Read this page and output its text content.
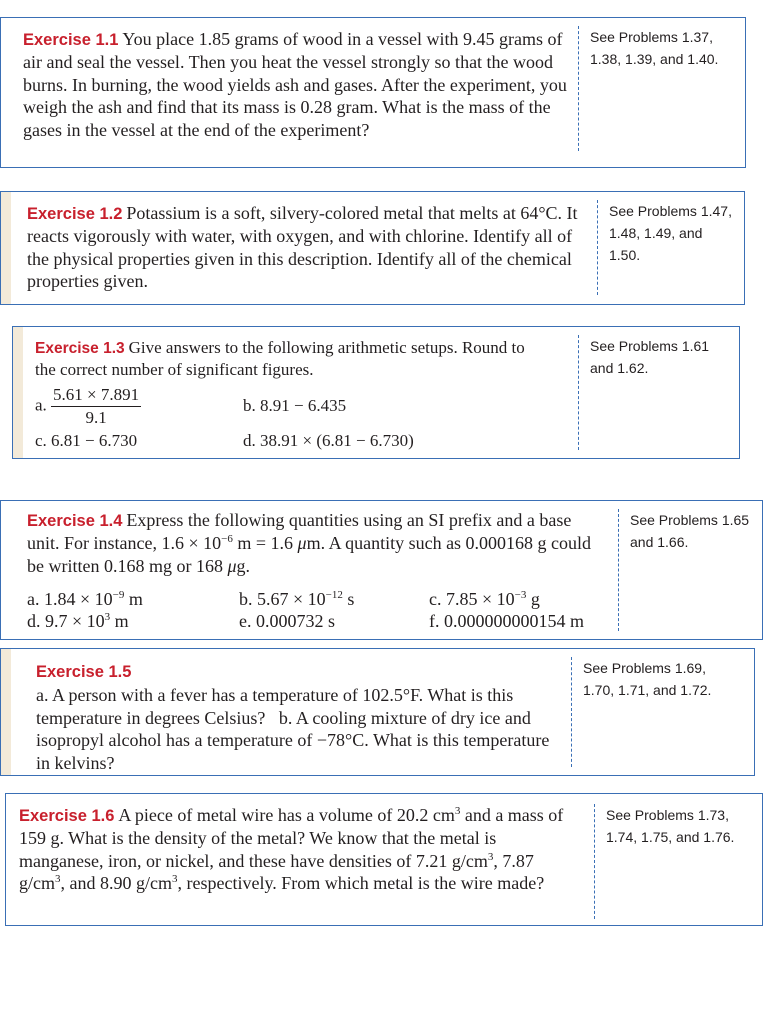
Exercise 1.1 You place 1.85 grams of wood in a vessel with 9.45 grams of air and seal the vessel. Then you heat the vessel strongly so that the wood burns. In burning, the wood yields ash and gases. After the experiment, you weigh the ash and find that its mass is 0.28 gram. What is the mass of the gases in the vessel at the end of the experiment?
See Problems 1.37, 1.38, 1.39, and 1.40.
Exercise 1.2 Potassium is a soft, silvery-colored metal that melts at 64°C. It reacts vigorously with water, with oxygen, and with chlorine. Identify all of the physical properties given in this description. Identify all of the chemical properties given.
See Problems 1.47, 1.48, 1.49, and 1.50.
Exercise 1.3 Give answers to the following arithmetic setups. Round to the correct number of significant figures.
a. $\frac{5.61 \times 7.891}{9.1}$	b. 8.91 − 6.435
c. 6.81 − 6.730	d. 38.91 × (6.81 − 6.730)
See Problems 1.61 and 1.62.
Exercise 1.4 Express the following quantities using an SI prefix and a base unit. For instance, $1.6 \times 10^{-6}$ m = 1.6 μm. A quantity such as 0.000168 g could be written 0.168 mg or 168 μg.
a. $1.84 \times 10^{-9}$ m	b. $5.67 \times 10^{-12}$ s	c. $7.85 \times 10^{-3}$ g
d. $9.7 \times 10^3$ m	e. 0.000732 s	f. 0.000000000154 m
See Problems 1.65 and 1.66.
Exercise 1.5
a. A person with a fever has a temperature of 102.5°F. What is this temperature in degrees Celsius? b. A cooling mixture of dry ice and isopropyl alcohol has a temperature of −78°C. What is this temperature in kelvins?
See Problems 1.69, 1.70, 1.71, and 1.72.
Exercise 1.6 A piece of metal wire has a volume of 20.2 $cm^3$ and a mass of 159 g. What is the density of the metal? We know that the metal is manganese, iron, or nickel, and these have densities of 7.21 $g/cm^3$, 7.87 $g/cm^3$, and 8.90 $g/cm^3$, respectively. From which metal is the wire made?
See Problems 1.73, 1.74, 1.75, and 1.76.
